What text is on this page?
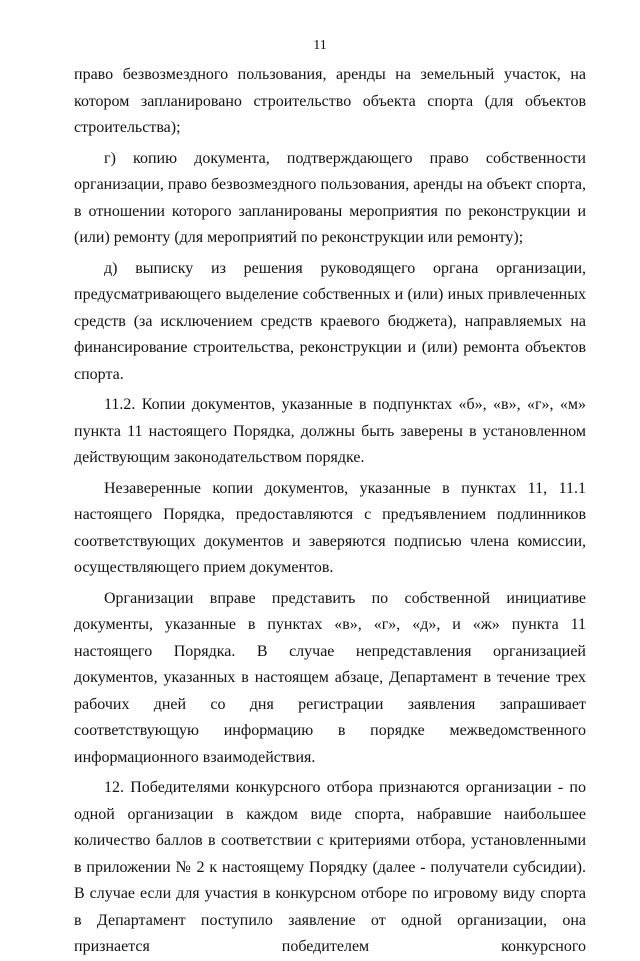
11

право безвозмездного пользования, аренды на земельный участок, на котором запланировано строительство объекта спорта (для объектов строительства);

г) копию документа, подтверждающего право собственности организации, право безвозмездного пользования, аренды на объект спорта, в отношении которого запланированы мероприятия по реконструкции и (или) ремонту (для мероприятий по реконструкции или ремонту);

д) выписку из решения руководящего органа организации, предусматривающего выделение собственных и (или) иных привлеченных средств (за исключением средств краевого бюджета), направляемых на финансирование строительства, реконструкции и (или) ремонта объектов спорта.

11.2. Копии документов, указанные в подпунктах «б», «в», «г», «м» пункта 11 настоящего Порядка, должны быть заверены в установленном действующим законодательством порядке.

Незаверенные копии документов, указанные в пунктах 11, 11.1 настоящего Порядка, предоставляются с предъявлением подлинников соответствующих документов и заверяются подписью члена комиссии, осуществляющего прием документов.

Организации вправе представить по собственной инициативе документы, указанные в пунктах «в», «г», «д», и «ж» пункта 11 настоящего Порядка. В случае непредставления организацией документов, указанных в настоящем абзаце, Департамент в течение трех рабочих дней со дня регистрации заявления запрашивает соответствующую информацию в порядке межведомственного информационного взаимодействия.

12. Победителями конкурсного отбора признаются организации - по одной организации в каждом виде спорта, набравшие наибольшее количество баллов в соответствии с критериями отбора, установленными в приложении № 2 к настоящему Порядку (далее - получатели субсидии). В случае если для участия в конкурсном отборе по игровому виду спорта в Департамент поступило заявление от одной организации, она признается победителем конкурсного
